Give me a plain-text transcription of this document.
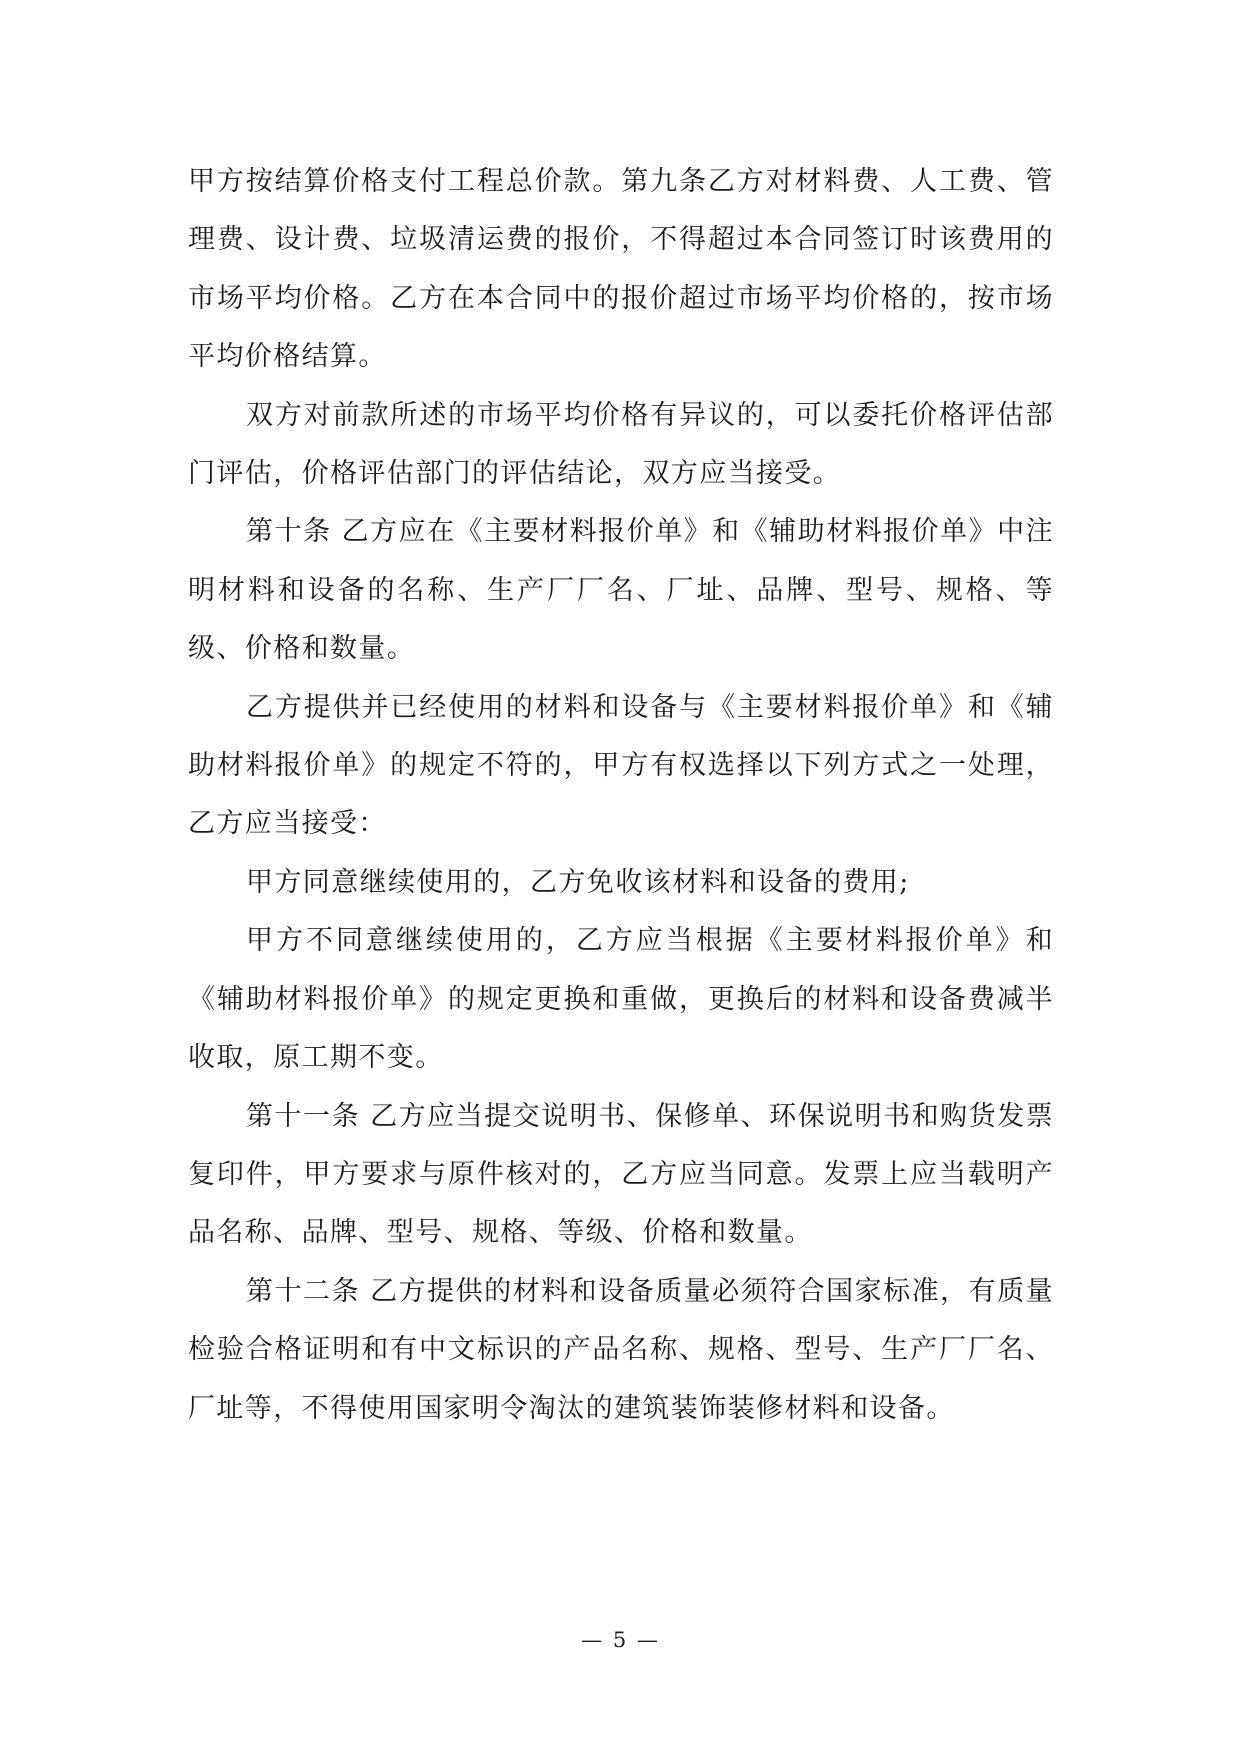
甲方按结算价格支付工程总价款。第九条乙方对材料费、人工费、管理费、设计费、垃圾清运费的报价，不得超过本合同签订时该费用的市场平均价格。乙方在本合同中的报价超过市场平均价格的，按市场平均价格结算。

双方对前款所述的市场平均价格有异议的，可以委托价格评估部门评估，价格评估部门的评估结论，双方应当接受。

第十条 乙方应在《主要材料报价单》和《辅助材料报价单》中注明材料和设备的名称、生产厂厂名、厂址、品牌、型号、规格、等级、价格和数量。

乙方提供并已经使用的材料和设备与《主要材料报价单》和《辅助材料报价单》的规定不符的，甲方有权选择以下列方式之一处理，乙方应当接受：

甲方同意继续使用的，乙方免收该材料和设备的费用;

甲方不同意继续使用的，乙方应当根据《主要材料报价单》和《辅助材料报价单》的规定更换和重做，更换后的材料和设备费减半收取，原工期不变。

第十一条 乙方应当提交说明书、保修单、环保说明书和购货发票复印件，甲方要求与原件核对的，乙方应当同意。发票上应当载明产品名称、品牌、型号、规格、等级、价格和数量。

第十二条 乙方提供的材料和设备质量必须符合国家标准，有质量检验合格证明和有中文标识的产品名称、规格、型号、生产厂厂名、厂址等，不得使用国家明令淘汰的建筑装饰装修材料和设备。

— 5 —
